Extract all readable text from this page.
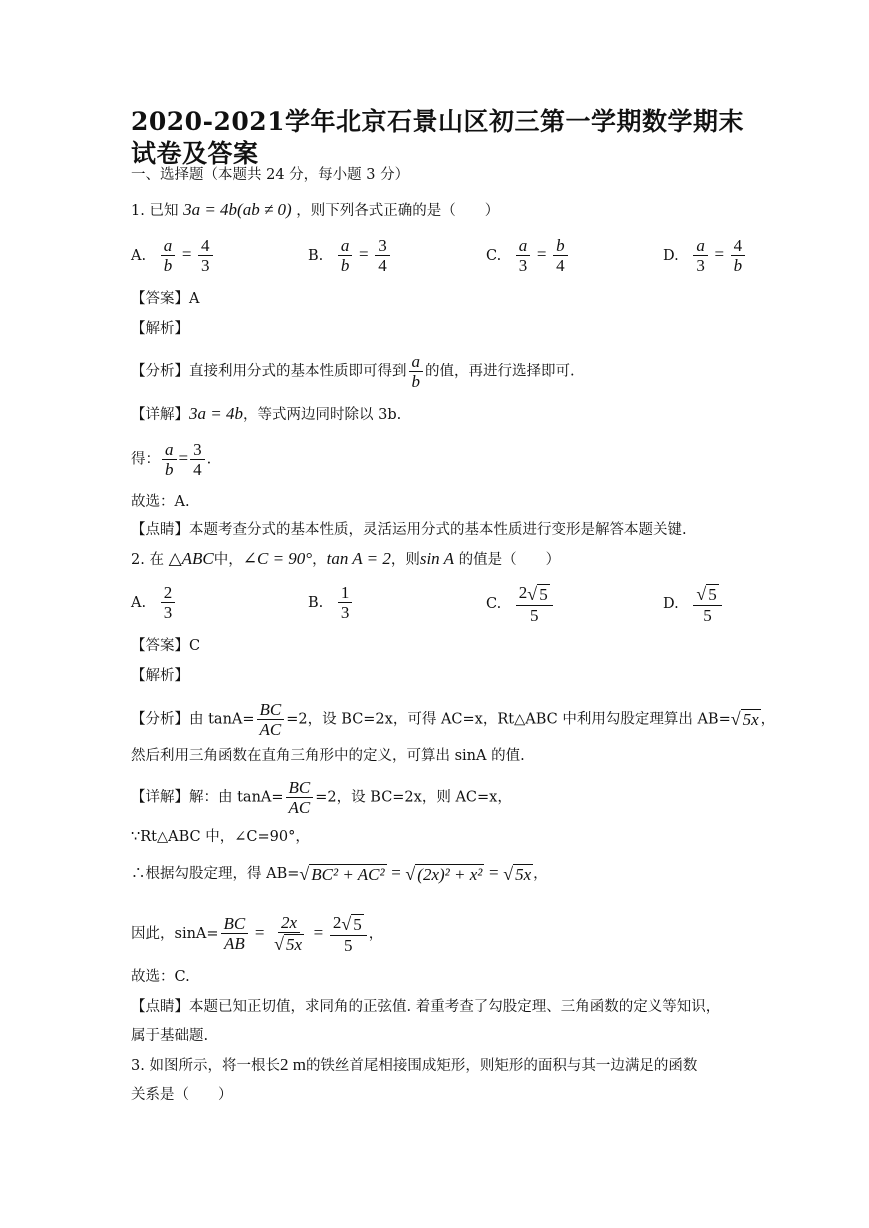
2020-2021学年北京石景山区初三第一学期数学期末试卷及答案
一、选择题（本题共 24 分，每小题 3 分）
1. 已知 3a = 4b(ab ≠ 0) ，则下列各式正确的是（　　）
A. $\frac{a}{b} = \frac{4}{3}$	B. $\frac{a}{b} = \frac{3}{4}$	C. $\frac{a}{3} = \frac{b}{4}$	D. $\frac{a}{3} = \frac{4}{b}$
【答案】A
【解析】
【分析】直接利用分式的基本性质即可得到 $\frac{a}{b}$ 的值，再进行选择即可.
【详解】3a = 4b，等式两边同时除以 3b.
得： $\frac{a}{b} = \frac{3}{4}$ .
故选：A.
【点睛】本题考查分式的基本性质，灵活运用分式的基本性质进行变形是解答本题关键.
2. 在 △ABC中，∠C = 90°，tan A = 2，则sin A 的值是（　　）
A. $\frac{2}{3}$	B. $\frac{1}{3}$	C. $\frac{2 √ 5}{5}$	D. $\frac{√ 5}{5}$
【答案】C
【解析】
【分析】由 $\tan A= \frac{BC}{AC} =2$，设 BC=2x，可得 AC=x，Rt△ABC 中利用勾股定理算出 AB= √ 5x ，
然后利用三角函数在直角三角形中的定义，可算出 sinA 的值.
【详解】解：由 $\tan A= \frac{BC}{AC} =2$，设 BC=2x，则 AC=x，
∵Rt△ABC 中，∠C=90°，
∴根据勾股定理，得 AB= √ BC² + AC² = √ (2x)² + x² = √ 5x ，
因此，$\sin A= \frac{BC}{AB} = \frac{2x}{√ 5x} = \frac{2 √ 5}{5}$ ，
故选：C.
【点睛】本题已知正切值，求同角的正弦值. 着重考查了勾股定理、三角函数的定义等知识，
属于基础题.
3. 如图所示，将一根长2 m的铁丝首尾相接围成矩形，则矩形的面积与其一边满足的函数
关系是（　　）
